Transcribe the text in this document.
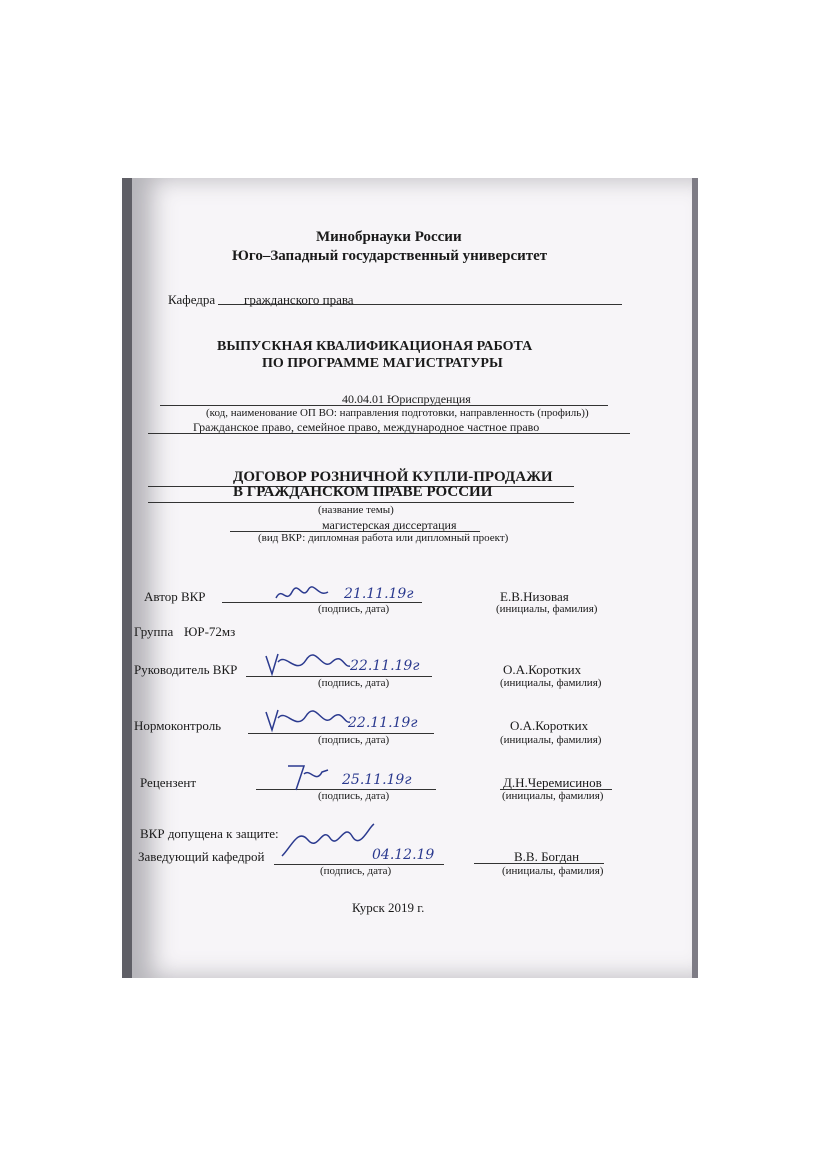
Минобрнауки России
Юго–Западный государственный университет
Кафедра гражданского права
ВЫПУСКНАЯ КВАЛИФИКАЦИОНАЯ РАБОТА
ПО ПРОГРАММЕ МАГИСТРАТУРЫ
40.04.01 Юриспруденция
(код, наименование ОП ВО: направления подготовки, направленность (профиль))
Гражданское право, семейное право, международное частное право
ДОГОВОР РОЗНИЧНОЙ КУПЛИ-ПРОДАЖИ
В ГРАЖДАНСКОМ ПРАВЕ РОССИИ
(название темы)
магистерская диссертация
(вид ВКР: дипломная работа или дипломный проект)
Автор ВКР	21.11.19г
(подпись, дата)
Е.В.Низовая
(инициалы, фамилия)
Группа ЮР-72мз
Руководитель ВКР	22.11.19г
(подпись, дата)
О.А.Коротких
(инициалы, фамилия)
Нормоконтроль	22.11.19г
(подпись, дата)
О.А.Коротких
(инициалы, фамилия)
Рецензент	25.11.19г
(подпись, дата)
Д.Н.Черемисинов
(инициалы, фамилия)
ВКР допущена к защите:
Заведующий кафедрой	04.12.19
(подпись, дата)
В.В. Богдан
(инициалы, фамилия)
Курск 2019 г.
